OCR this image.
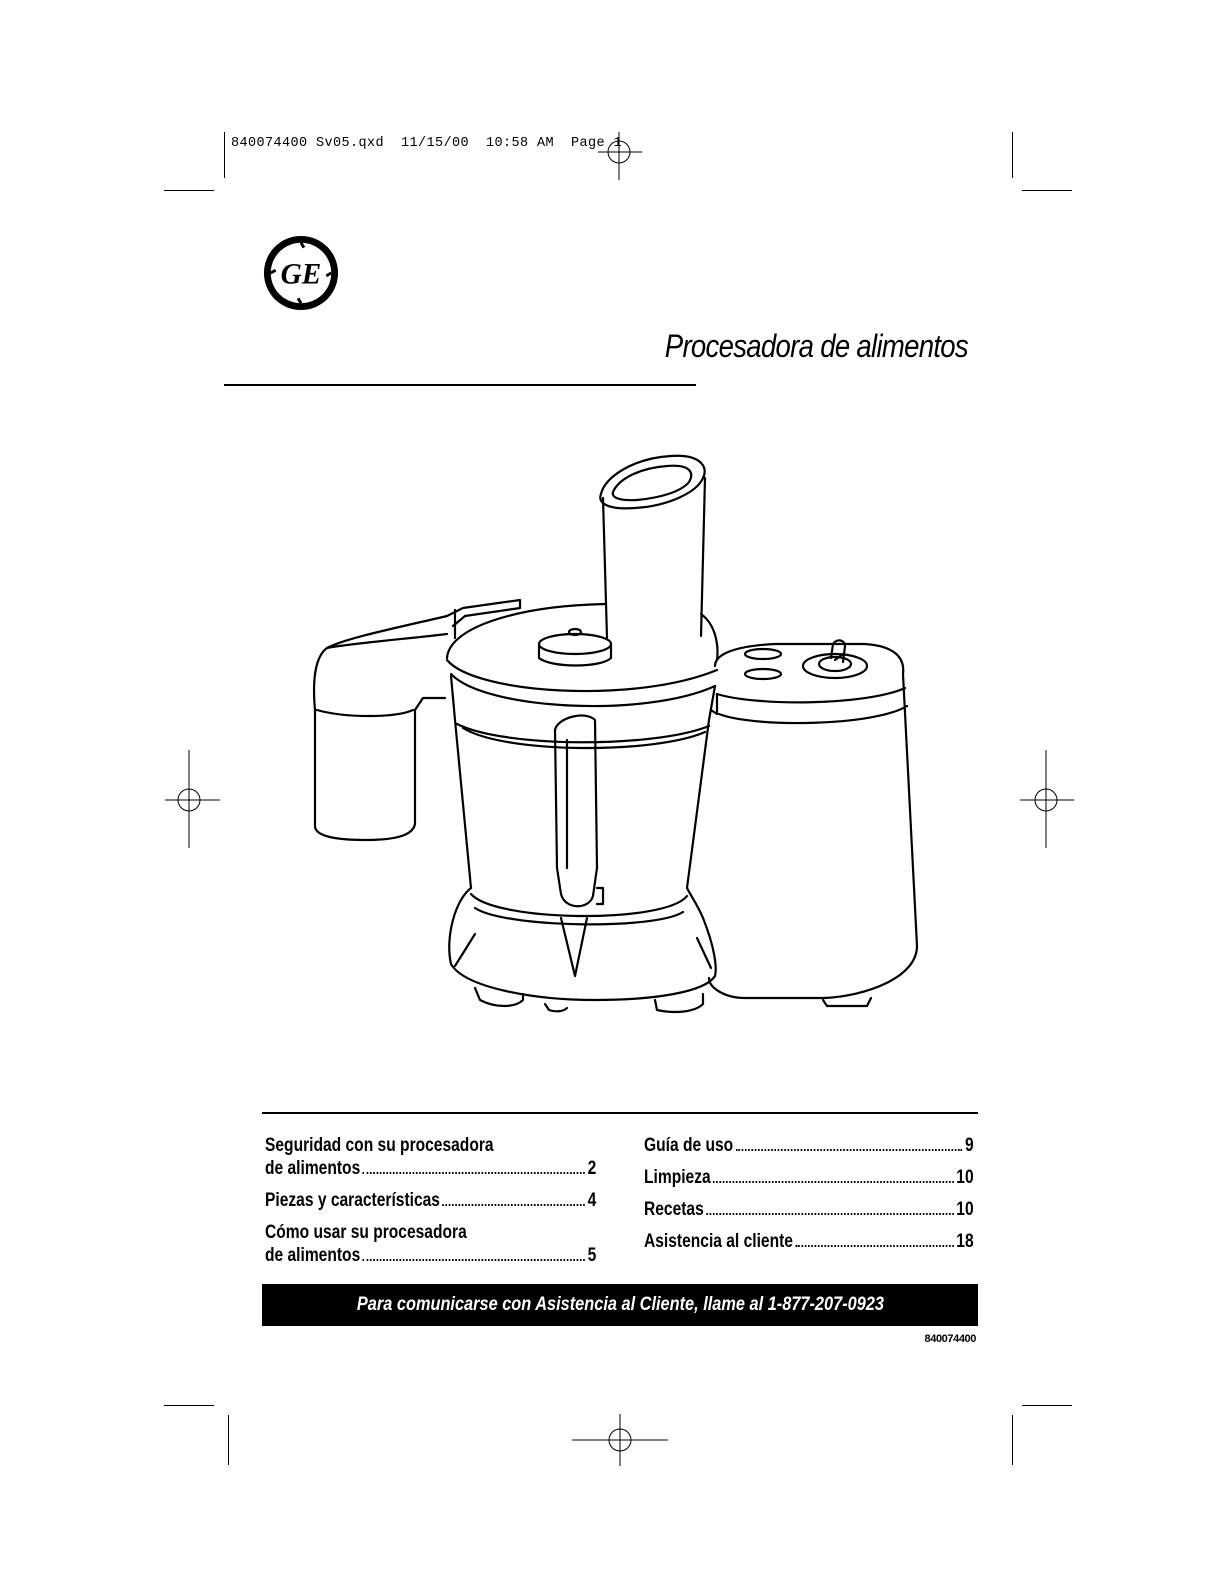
840074400 Sv05.qxd  11/15/00  10:58 AM  Page 1
GE
Procesadora de alimentos
Seguridad con su procesadora
de alimentos	2
Piezas y características	4
Cómo usar su procesadora
de alimentos	5
Guía de uso	9
Limpieza	10
Recetas	10
Asistencia al cliente	18
Para comunicarse con Asistencia al Cliente, llame al 1-877-207-0923
840074400
